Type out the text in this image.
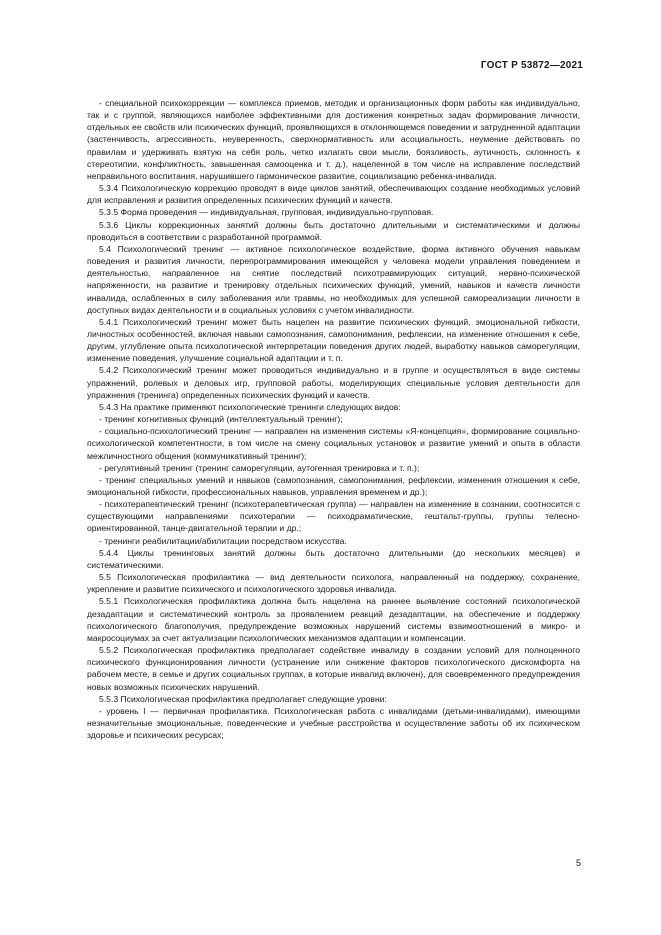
ГОСТ Р 53872—2021

- специальной психокоррекции — комплекса приемов, методик и организационных форм работы как индивидуально, так и с группой, являющихся наиболее эффективными для достижения конкретных задач формирования личности, отдельных ее свойств или психических функций, проявляющихся в отклоняющемся поведении и затрудненной адаптации (застенчивость, агрессивность, неуверенность, сверхнормативность или асоциальность, неумение действовать по правилам и удерживать взятую на себя роль, четко излагать свои мысли, боязливость, аутичность, склонность к стереотипии, конфликтность, завышенная самооценка и т. д.), нацеленной в том числе на исправление последствий неправильного воспитания, нарушившего гармоническое развитие, социализацию ребенка-инвалида.

5.3.4 Психологическую коррекцию проводят в виде циклов занятий, обеспечивающих создание необходимых условий для исправления и развития определенных психических функций и качеств.

5.3.5 Форма проведения — индивидуальная, групповая, индивидуально-групповая.

5.3.6 Циклы коррекционных занятий должны быть достаточно длительными и систематическими и должны проводиться в соответствии с разработанной программой.

5.4 Психологический тренинг — активное психологическое воздействие, форма активного обучения навыкам поведения и развития личности, перепрограммирования имеющейся у человека модели управления поведением и деятельностью, направленное на снятие последствий психотравмирующих ситуаций, нервно-психической напряженности, на развитие и тренировку отдельных психических функций, умений, навыков и качеств личности инвалида, ослабленных в силу заболевания или травмы, но необходимых для успешной самореализации личности в доступных видах деятельности и в социальных условиях с учетом инвалидности.

5.4.1 Психологический тренинг может быть нацелен на развитие психических функций, эмоциональной гибкости, личностных особенностей, включая навыки самопознания, самопонимания, рефлексии, на изменение отношения к себе, другим, углубление опыта психологической интерпретации поведения других людей, выработку навыков саморегуляции, изменение поведения, улучшение социальной адаптации и т. п.

5.4.2 Психологический тренинг может проводиться индивидуально и в группе и осуществляться в виде системы упражнений, ролевых и деловых игр, групповой работы, моделирующих специальные условия деятельности для упражнения (тренинга) определенных психических функций и качеств.

5.4.3 На практике применяют психологические тренинги следующих видов:

- тренинг когнитивных функций (интеллектуальный тренинг);

- социально-психологический тренинг — направлен на изменения системы «Я-концепция», формирование социально-психологической компетентности, в том числе на смену социальных установок и развитие умений и опыта в области межличностного общения (коммуникативный тренинг);

- регулятивный тренинг (тренинг саморегуляции, аутогенная тренировка и т. п.);

- тренинг специальных умений и навыков (самопознания, самопонимания, рефлексии, изменения отношения к себе, эмоциональной гибкости, профессиональных навыков, управления временем и др.);

- психотерапевтический тренинг (психотерапевтическая группа) — направлен на изменение в сознании, соотносится с существующими направлениями психотерапии — психодраматические, гештальт-группы, группы телесно-ориентированной, танце-двигательной терапии и др.;

- тренинги реабилитации/абилитации посредством искусства.

5.4.4 Циклы тренинговых занятий должны быть достаточно длительными (до нескольких месяцев) и систематическими.

5.5 Психологическая профилактика — вид деятельности психолога, направленный на поддержку, сохранение, укрепление и развитие психического и психологического здоровья инвалида.

5.5.1 Психологическая профилактика должна быть нацелена на раннее выявление состояний психологической дезадаптации и систематический контроль за проявлением реакций дезадаптации, на обеспечение и поддержку психологического благополучия, предупреждение возможных нарушений системы взаимоотношений в микро- и макросоциумах за счет актуализации психологических механизмов адаптации и компенсации.

5.5.2 Психологическая профилактика предполагает содействие инвалиду в создании условий для полноценного психического функционирования личности (устранение или снижение факторов психологического дискомфорта на рабочем месте, в семье и других социальных группах, в которые инвалид включен), для своевременного предупреждения новых возможных психических нарушений.

5.5.3 Психологическая профилактика предполагает следующие уровни:

- уровень I — первичная профилактика. Психологическая работа с инвалидами (детьми-инвалидами), имеющими незначительные эмоциональные, поведенческие и учебные расстройства и осуществление заботы об их психическом здоровье и психических ресурсах;

5
